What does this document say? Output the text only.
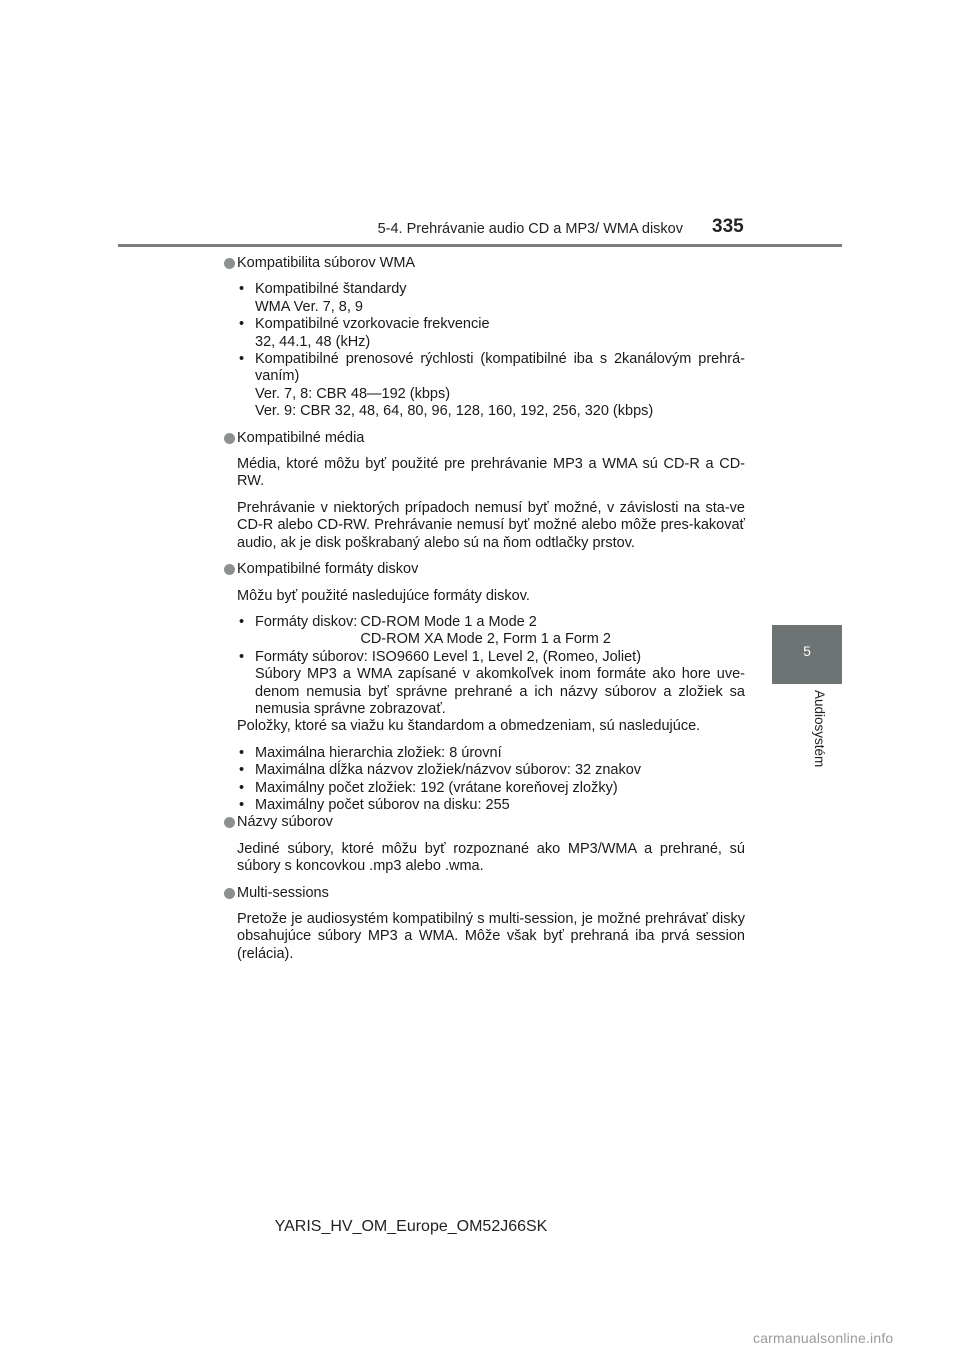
5-4. Prehrávanie audio CD a MP3/ WMA diskov 335
5
Audiosystém
Kompatibilita súborov WMA
• Kompatibilné štandardy
WMA Ver. 7, 8, 9
• Kompatibilné vzorkovacie frekvencie
32, 44.1, 48 (kHz)
• Kompatibilné prenosové rýchlosti (kompatibilné iba s 2kanálovým prehrá-vaním)
Ver. 7, 8: CBR 48—192 (kbps)
Ver. 9: CBR 32, 48, 64, 80, 96, 128, 160, 192, 256, 320 (kbps)
Kompatibilné média

Média, ktoré môžu byť použité pre prehrávanie MP3 a WMA sú CD-R a CD-RW.

Prehrávanie v niektorých prípadoch nemusí byť možné, v závislosti na sta-ve CD-R alebo CD-RW. Prehrávanie nemusí byť možné alebo môže pres-kakovať audio, ak je disk poškrabaný alebo sú na ňom odtlačky prstov.

Kompatibilné formáty diskov

Môžu byť použité nasledujúce formáty diskov.

• Formáty diskov: CD-ROM Mode 1 a Mode 2
CD-ROM XA Mode 2, Form 1 a Form 2
• Formáty súborov: ISO9660 Level 1, Level 2, (Romeo, Joliet)
Súbory MP3 a WMA zapísané v akomkoľvek inom formáte ako hore uve-denom nemusia byť správne prehrané a ich názvy súborov a zložiek sa nemusia správne zobrazovať.

Položky, ktoré sa viažu ku štandardom a obmedzeniam, sú nasledujúce.

• Maximálna hierarchia zložiek: 8 úrovní
• Maximálna dĺžka názvov zložiek/názvov súborov: 32 znakov
• Maximálny počet zložiek: 192 (vrátane koreňovej zložky)
• Maximálny počet súborov na disku: 255
Názvy súborov

Jediné súbory, ktoré môžu byť rozpoznané ako MP3/WMA a prehrané, sú súbory s koncovkou .mp3 alebo .wma.

Multi-sessions

Pretože je audiosystém kompatibilný s multi-session, je možné prehrávať disky obsahujúce súbory MP3 a WMA. Môže však byť prehraná iba prvá session (relácia).

YARIS_HV_OM_Europe_OM52J66SK
carmanualsonline.info
